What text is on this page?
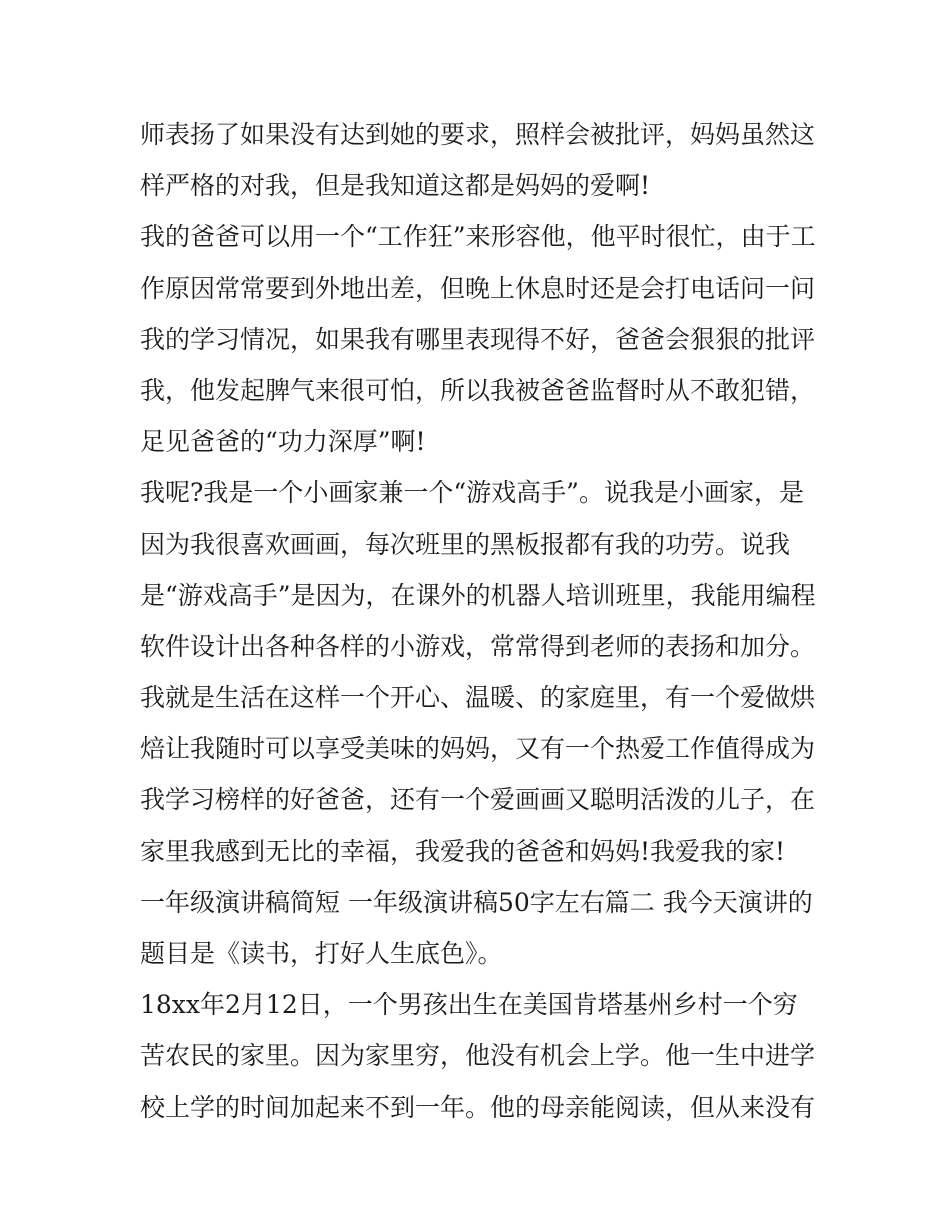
师表扬了如果没有达到她的要求，照样会被批评，妈妈虽然这
样严格的对我，但是我知道这都是妈妈的爱啊!
我的爸爸可以用一个“工作狂”来形容他，他平时很忙，由于工
作原因常常要到外地出差，但晚上休息时还是会打电话问一问
我的学习情况，如果我有哪里表现得不好，爸爸会狠狠的批评
我，他发起脾气来很可怕，所以我被爸爸监督时从不敢犯错，
足见爸爸的“功力深厚”啊!
我呢?我是一个小画家兼一个“游戏高手”。说我是小画家，是
因为我很喜欢画画，每次班里的黑板报都有我的功劳。说我
是“游戏高手”是因为，在课外的机器人培训班里，我能用编程
软件设计出各种各样的小游戏，常常得到老师的表扬和加分。
我就是生活在这样一个开心、温暖、的家庭里，有一个爱做烘
焙让我随时可以享受美味的妈妈，又有一个热爱工作值得成为
我学习榜样的好爸爸，还有一个爱画画又聪明活泼的儿子，在
家里我感到无比的幸福，我爱我的爸爸和妈妈!我爱我的家!
一年级演讲稿简短 一年级演讲稿50字左右篇二 我今天演讲的
题目是《读书，打好人生底色》。
18xx年2月12日，一个男孩出生在美国肯塔基州乡村一个穷
苦农民的家里。因为家里穷，他没有机会上学。他一生中进学
校上学的时间加起来不到一年。他的母亲能阅读，但从来没有
